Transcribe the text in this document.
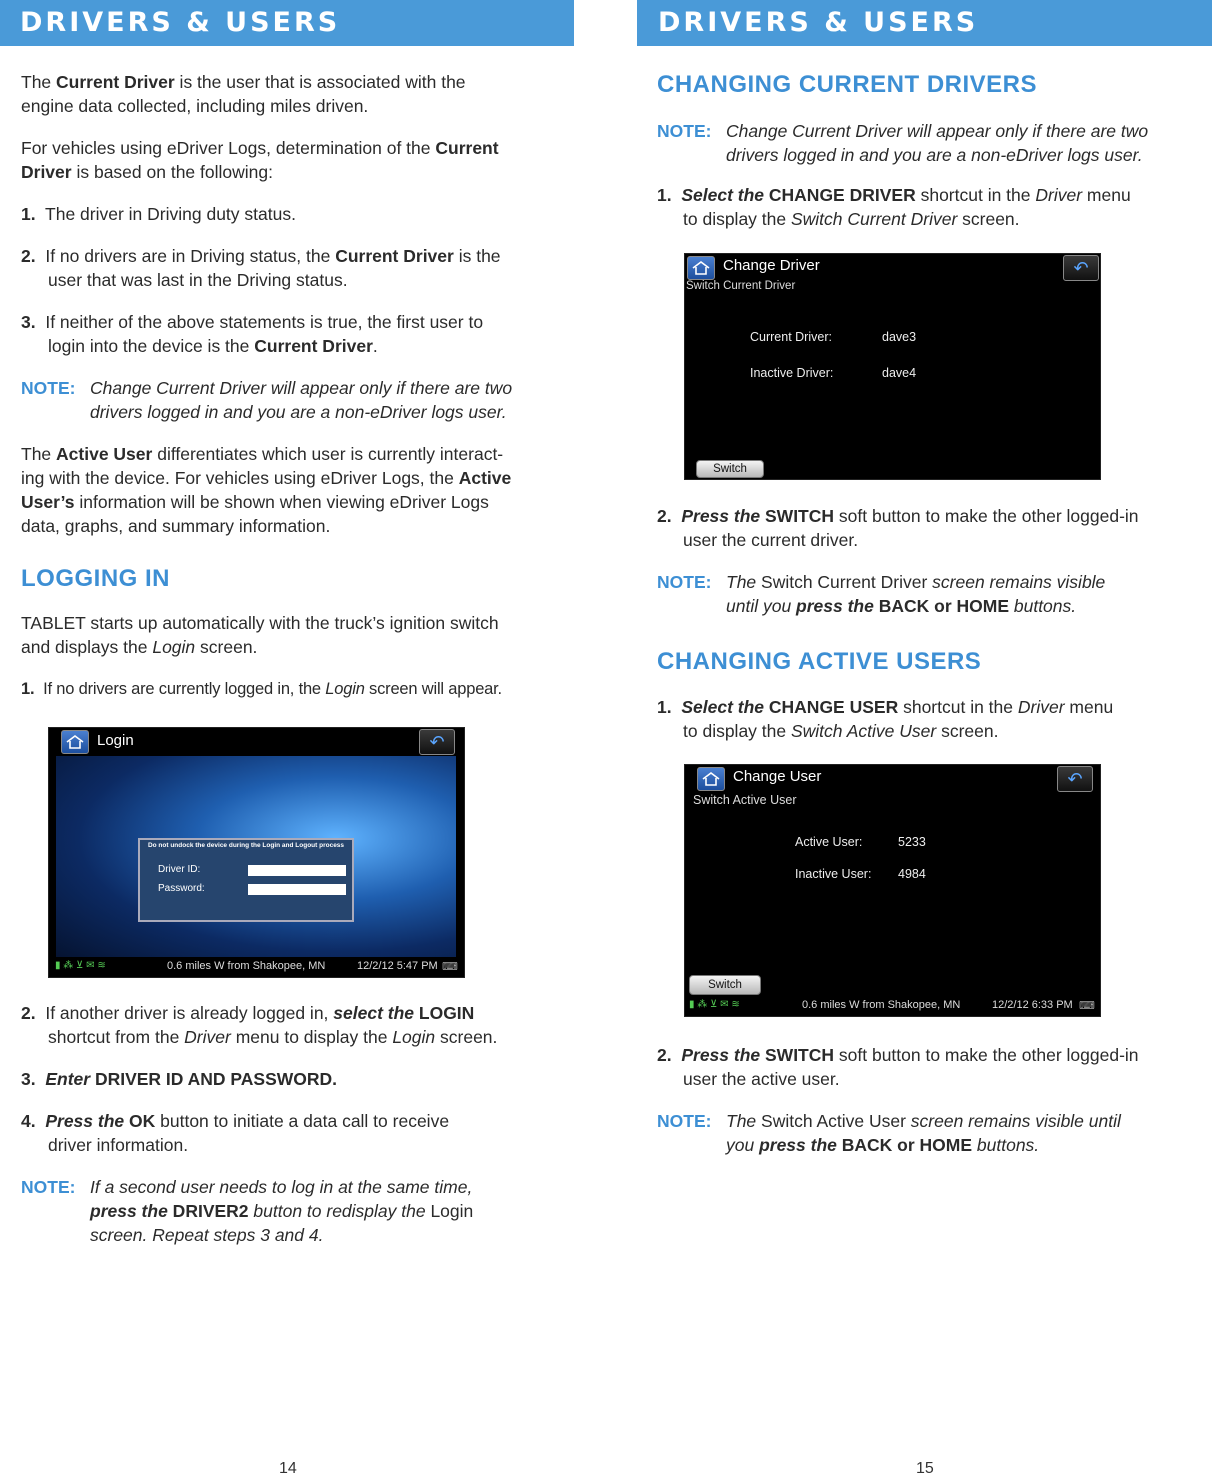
DRIVERS & USERS

The Current Driver is the user that is associated with the
engine data collected, including miles driven.

For vehicles using eDriver Logs, determination of the Current
Driver is based on the following:

1. The driver in Driving duty status.

2. If no drivers are in Driving status, the Current Driver is the
user that was last in the Driving status.

3. If neither of the above statements is true, the first user to
login into the device is the Current Driver.

NOTE: Change Current Driver will appear only if there are two
drivers logged in and you are a non-eDriver logs user.

The Active User differentiates which user is currently interact-
ing with the device. For vehicles using eDriver Logs, the Active
User’s information will be shown when viewing eDriver Logs
data, graphs, and summary information.

LOGGING IN

TABLET starts up automatically with the truck’s ignition switch
and displays the Login screen.

1. If no drivers are currently logged in, the Login screen will appear.

Login	↶
Do not undock the device during the Login and Logout process
Driver ID:
Password:
▮ ⁂ ⊻ ✉ ≋	0.6 miles W from Shakopee, MN	12/2/12 5:47 PM ⌨

2. If another driver is already logged in, select the LOGIN
shortcut from the Driver menu to display the Login screen.

3. Enter DRIVER ID AND PASSWORD.

4. Press the OK button to initiate a data call to receive
driver information.

NOTE: If a second user needs to log in at the same time,
press the DRIVER2 button to redisplay the Login
screen. Repeat steps 3 and 4.

14
DRIVERS & USERS
CHANGING CURRENT DRIVERS

NOTE: Change Current Driver will appear only if there are two
drivers logged in and you are a non-eDriver logs user.

1. Select the CHANGE DRIVER shortcut in the Driver menu
to display the Switch Current Driver screen.

Change Driver
Switch Current Driver
↶
Current Driver:	dave3
Inactive Driver:	dave4
Switch

2. Press the SWITCH soft button to make the other logged-in
user the current driver.

NOTE: The Switch Current Driver screen remains visible
until you press the BACK or HOME buttons.

CHANGING ACTIVE USERS

1. Select the CHANGE USER shortcut in the Driver menu
to display the Switch Active User screen.

Change User
Switch Active User
↶
Active User:	5233
Inactive User: 4984
Switch
▮ ⁂ ⊻ ✉ ≋	0.6 miles W from Shakopee, MN	12/2/12 6:33 PM ⌨

2. Press the SWITCH soft button to make the other logged-in
user the active user.

NOTE: The Switch Active User screen remains visible until
you press the BACK or HOME buttons.

15
